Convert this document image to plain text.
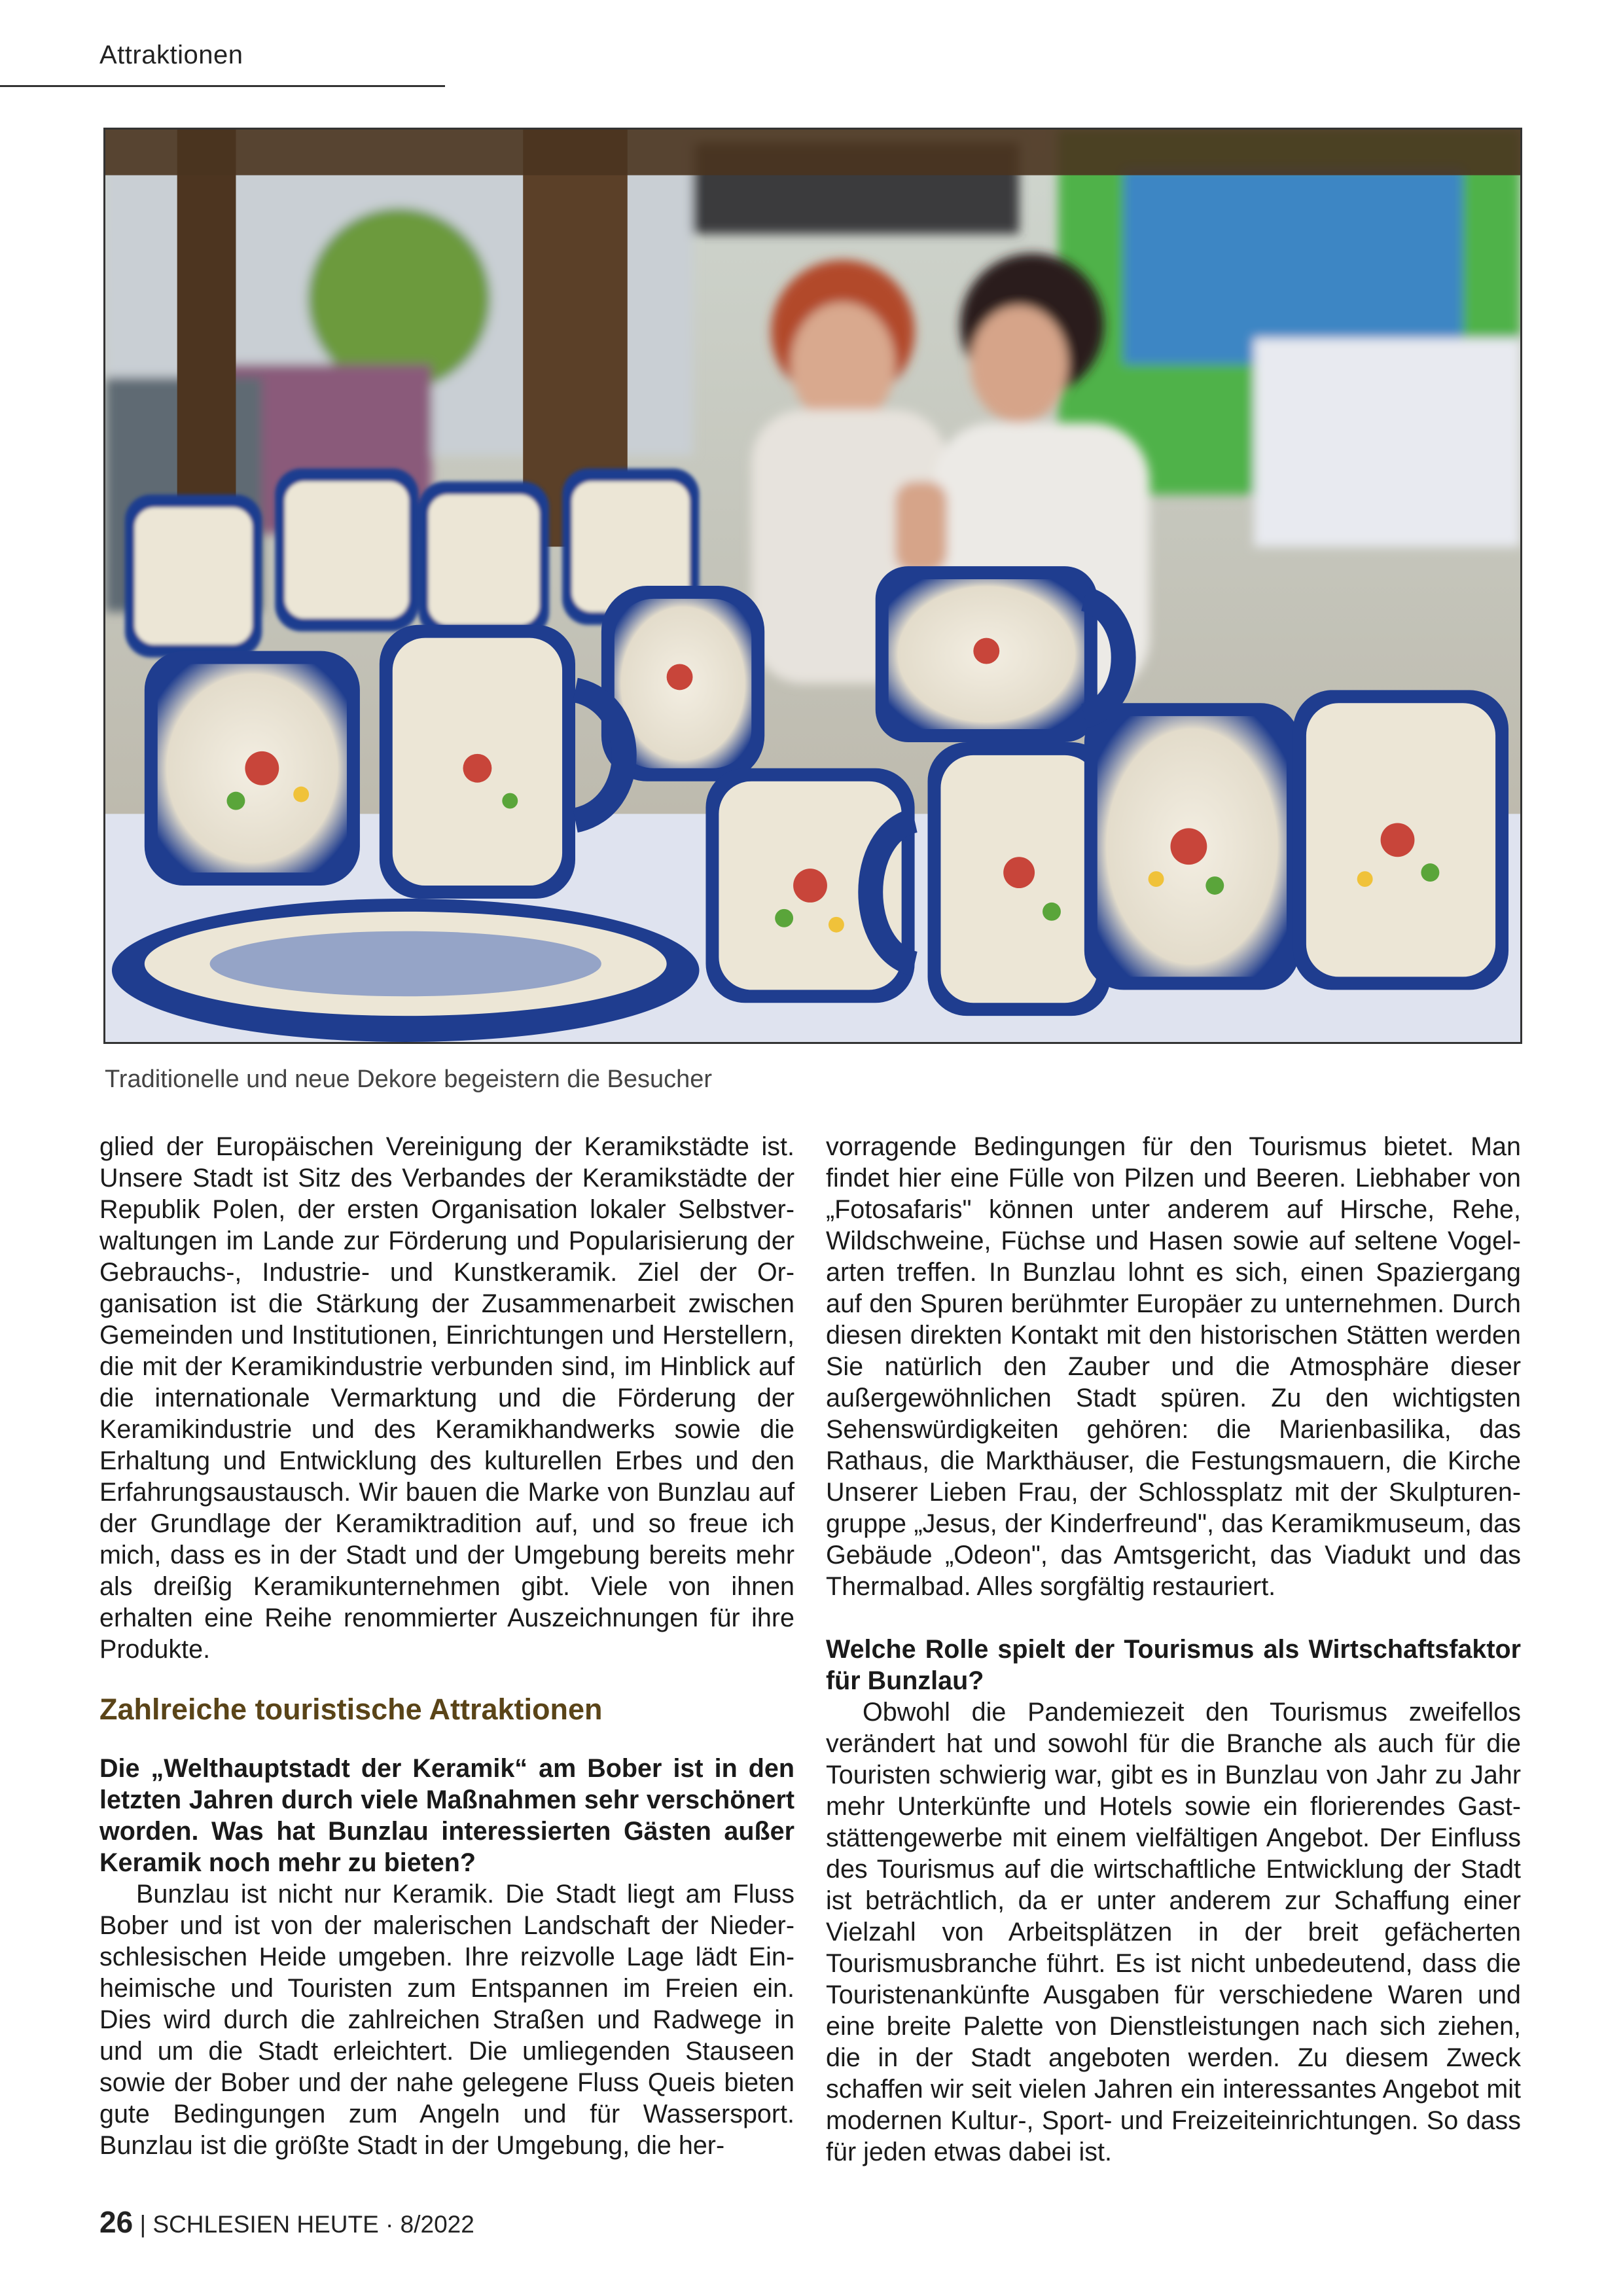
Attraktionen
Traditionelle und neue Dekore begeistern die Besucher

glied der Europäischen Vereinigung der Keramikstädte ist. Unsere Stadt ist Sitz des Verbandes der Keramikstädte der Republik Polen, der ersten Organisation lokaler Selbstverwaltungen im Lande zur Förderung und Popularisierung der Gebrauchs-, Industrie- und Kunstkeramik. Ziel der Organisation ist die Stärkung der Zusammenarbeit zwischen Gemeinden und Institutionen, Einrichtungen und Herstellern, die mit der Keramikindustrie verbunden sind, im Hinblick auf die internationale Vermarktung und die Förderung der Keramikindustrie und des Keramikhandwerks sowie die Erhaltung und Entwicklung des kulturellen Erbes und den Erfahrungsaustausch. Wir bauen die Marke von Bunzlau auf der Grundlage der Keramiktradition auf, und so freue ich mich, dass es in der Stadt und der Umgebung bereits mehr als dreißig Keramikunternehmen gibt. Viele von ihnen erhalten eine Reihe renommierter Auszeichnungen für ihre Produkte.

Zahlreiche touristische Attraktionen

Die „Welthauptstadt der Keramik“ am Bober ist in den letzten Jahren durch viele Maßnahmen sehr verschönert worden. Was hat Bunzlau interessierten Gästen außer Keramik noch mehr zu bieten?

Bunzlau ist nicht nur Keramik. Die Stadt liegt am Fluss Bober und ist von der malerischen Landschaft der Niederschlesischen Heide umgeben. Ihre reizvolle Lage lädt Einheimische und Touristen zum Entspannen im Freien ein. Dies wird durch die zahlreichen Straßen und Radwege in und um die Stadt erleichtert. Die umliegenden Stauseen sowie der Bober und der nahe gelegene Fluss Queis bieten gute Bedingungen zum Angeln und für Wassersport. Bunzlau ist die größte Stadt in der Umgebung, die her-

vorragende Bedingungen für den Tourismus bietet. Man findet hier eine Fülle von Pilzen und Beeren. Liebhaber von „Fotosafaris" können unter anderem auf Hirsche, Rehe, Wildschweine, Füchse und Hasen sowie auf seltene Vogelarten treffen. In Bunzlau lohnt es sich, einen Spaziergang auf den Spuren berühmter Europäer zu unternehmen. Durch diesen direkten Kontakt mit den historischen Stätten werden Sie natürlich den Zauber und die Atmosphäre dieser außergewöhnlichen Stadt spüren. Zu den wichtigsten Sehenswürdigkeiten gehören: die Marienbasilika, das Rathaus, die Markthäuser, die Festungsmauern, die Kirche Unserer Lieben Frau, der Schlossplatz mit der Skulpturengruppe „Jesus, der Kinderfreund", das Keramikmuseum, das Gebäude „Odeon", das Amtsgericht, das Viadukt und das Thermalbad. Alles sorgfältig restauriert.

Welche Rolle spielt der Tourismus als Wirtschaftsfaktor für Bunzlau?

Obwohl die Pandemiezeit den Tourismus zweifellos verändert hat und sowohl für die Branche als auch für die Touristen schwierig war, gibt es in Bunzlau von Jahr zu Jahr mehr Unterkünfte und Hotels sowie ein florierendes Gaststättengewerbe mit einem vielfältigen Angebot. Der Einfluss des Tourismus auf die wirtschaftliche Entwicklung der Stadt ist beträchtlich, da er unter anderem zur Schaffung einer Vielzahl von Arbeitsplätzen in der breit gefächerten Tourismusbranche führt. Es ist nicht unbedeutend, dass die Touristenankünfte Ausgaben für verschiedene Waren und eine breite Palette von Dienstleistungen nach sich ziehen, die in der Stadt angeboten werden. Zu diesem Zweck schaffen wir seit vielen Jahren ein interessantes Angebot mit modernen Kultur-, Sport- und Freizeiteinrichtungen. So dass für jeden etwas dabei ist.

26 | SCHLESIEN HEUTE · 8/2022
